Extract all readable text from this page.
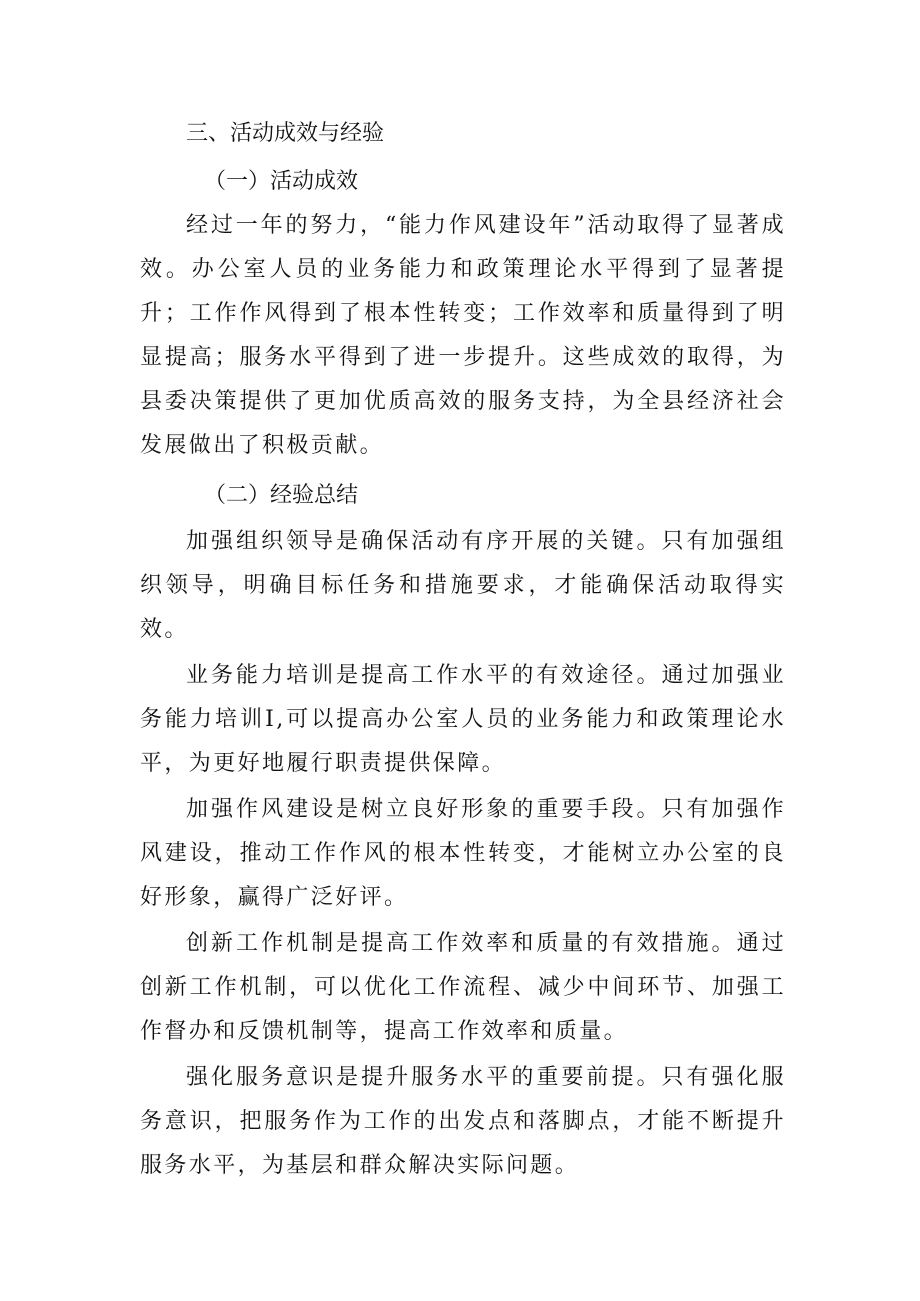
三、活动成效与经验
（一）活动成效

经过一年的努力，“能力作风建设年”活动取得了显著成效。办公室人员的业务能力和政策理论水平得到了显著提升；工作作风得到了根本性转变；工作效率和质量得到了明显提高；服务水平得到了进一步提升。这些成效的取得，为县委决策提供了更加优质高效的服务支持，为全县经济社会发展做出了积极贡献。

（二）经验总结

加强组织领导是确保活动有序开展的关键。只有加强组织领导，明确目标任务和措施要求，才能确保活动取得实效。

业务能力培训是提高工作水平的有效途径。通过加强业务能力培训I,可以提高办公室人员的业务能力和政策理论水平，为更好地履行职责提供保障。

加强作风建设是树立良好形象的重要手段。只有加强作风建设，推动工作作风的根本性转变，才能树立办公室的良好形象，赢得广泛好评。

创新工作机制是提高工作效率和质量的有效措施。通过创新工作机制，可以优化工作流程、减少中间环节、加强工作督办和反馈机制等，提高工作效率和质量。

强化服务意识是提升服务水平的重要前提。只有强化服务意识，把服务作为工作的出发点和落脚点，才能不断提升服务水平，为基层和群众解决实际问题。
